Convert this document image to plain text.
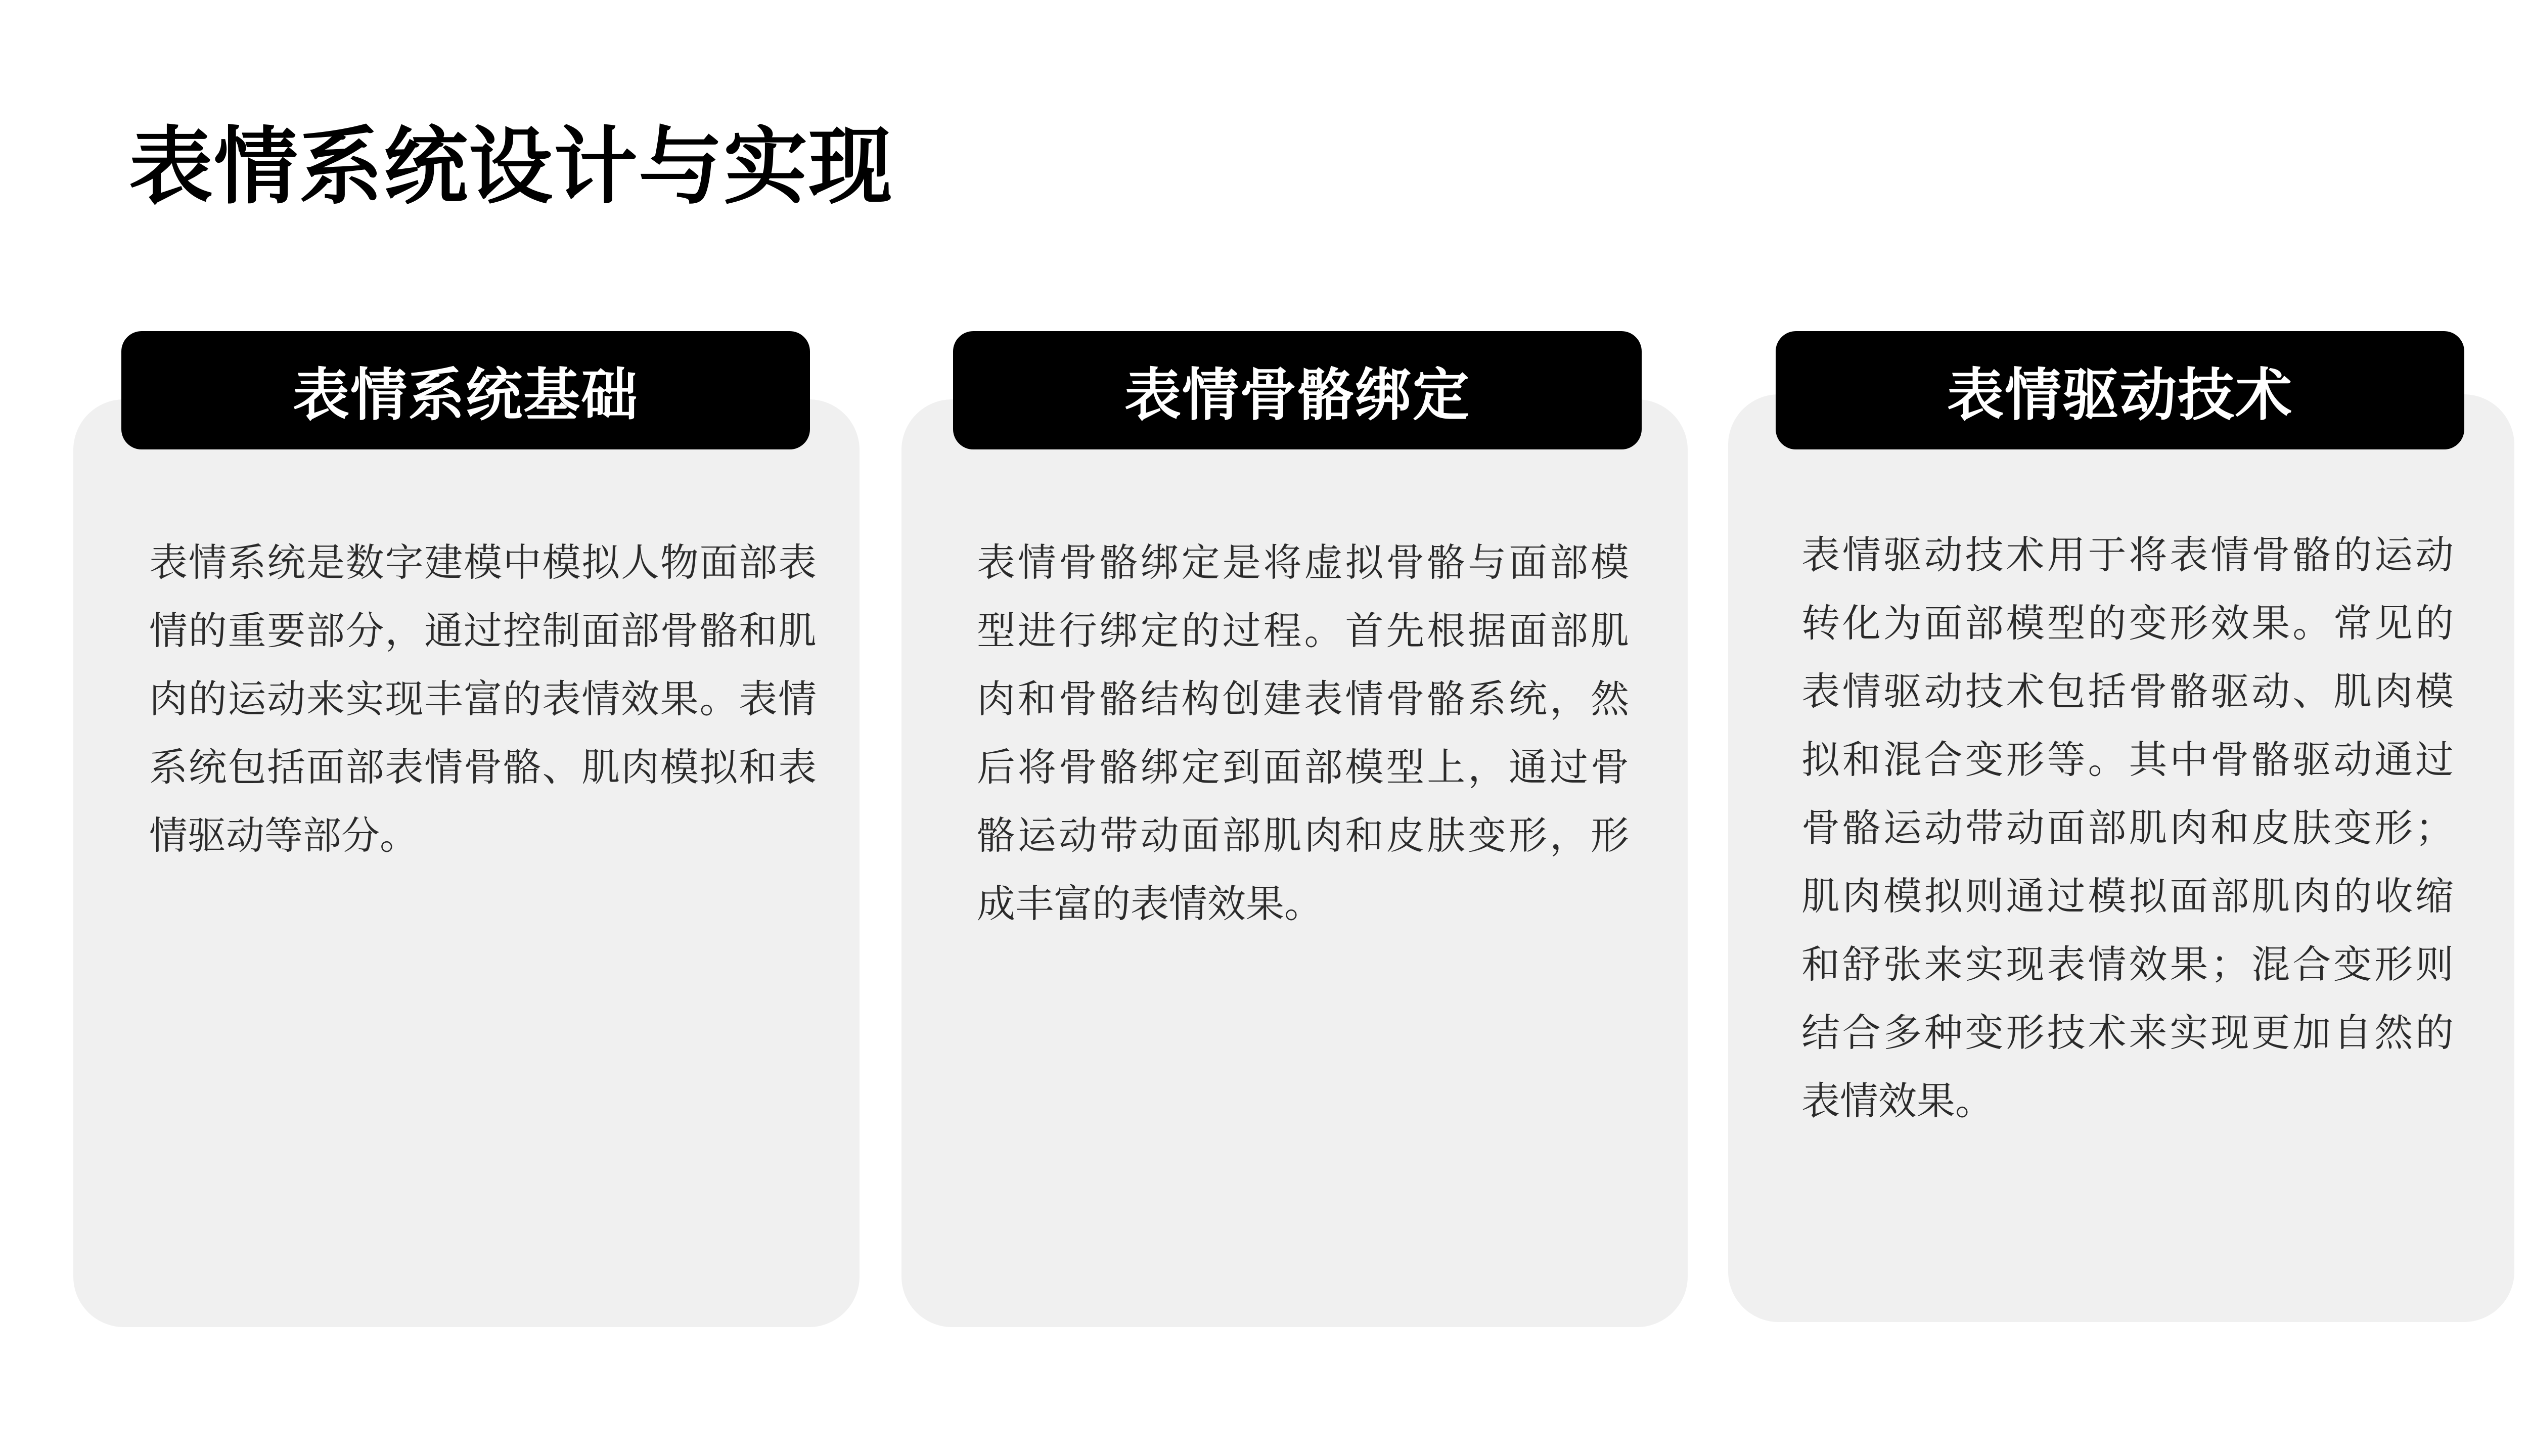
表情系统设计与实现
表情系统基础

表情系统是数字建模中模拟人物面部表情的重要部分，通过控制面部骨骼和肌肉的运动来实现丰富的表情效果。表情系统包括面部表情骨骼、肌肉模拟和表情驱动等部分。

表情骨骼绑定

表情骨骼绑定是将虚拟骨骼与面部模型进行绑定的过程。首先根据面部肌肉和骨骼结构创建表情骨骼系统，然后将骨骼绑定到面部模型上，通过骨骼运动带动面部肌肉和皮肤变形，形成丰富的表情效果。

表情驱动技术

表情驱动技术用于将表情骨骼的运动转化为面部模型的变形效果。常见的表情驱动技术包括骨骼驱动、肌肉模拟和混合变形等。其中骨骼驱动通过骨骼运动带动面部肌肉和皮肤变形；肌肉模拟则通过模拟面部肌肉的收缩和舒张来实现表情效果；混合变形则结合多种变形技术来实现更加自然的表情效果。
